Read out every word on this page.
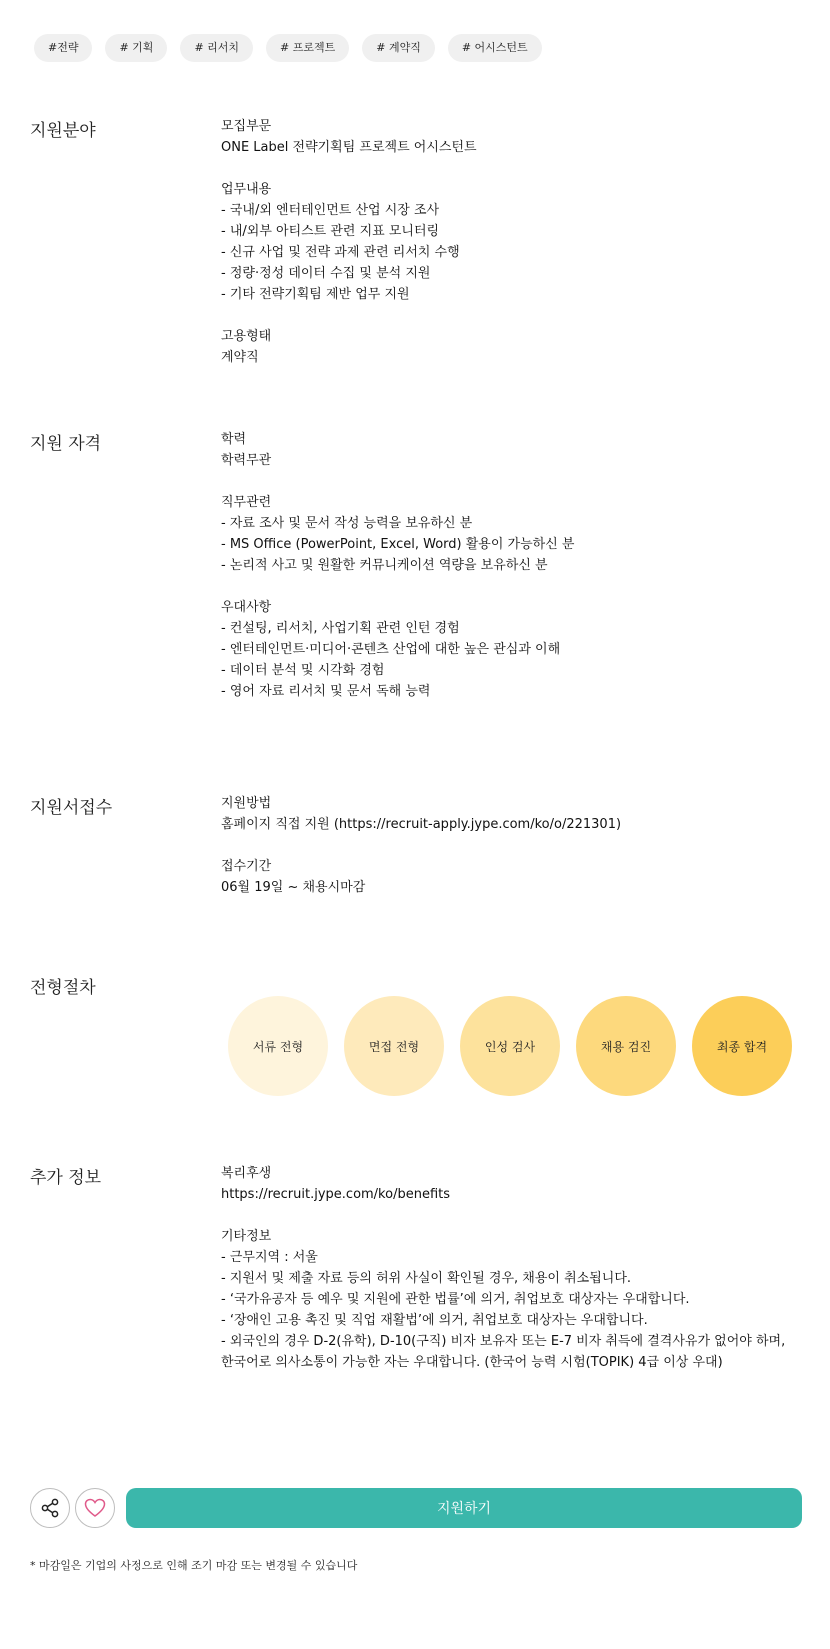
#전략	# 기획	# 리서치	# 프로젝트	# 계약직	# 어시스턴트
지원분야	모집부문
ONE Label 전략기획팀 프로젝트 어시스턴트
업무내용
- 국내/외 엔터테인먼트 산업 시장 조사
- 내/외부 아티스트 관련 지표 모니터링
- 신규 사업 및 전략 과제 관련 리서치 수행
- 정량·정성 데이터 수집 및 분석 지원
- 기타 전략기획팀 제반 업무 지원
고용형태
계약직
지원 자격	학력
학력무관
직무관련
- 자료 조사 및 문서 작성 능력을 보유하신 분
- MS Office (PowerPoint, Excel, Word) 활용이 가능하신 분
- 논리적 사고 및 원활한 커뮤니케이션 역량을 보유하신 분
우대사항
- 컨설팅, 리서치, 사업기획 관련 인턴 경험
- 엔터테인먼트·미디어·콘텐츠 산업에 대한 높은 관심과 이해
- 데이터 분석 및 시각화 경험
- 영어 자료 리서치 및 문서 독해 능력
지원서접수	지원방법
홈페이지 직접 지원 (https://recruit-apply.jype.com/ko/o/221301)
접수기간
06월 19일 ~ 채용시마감
전형절차
서류 전형	면접 전형	인성 검사	채용 검진	최종 합격
추가 정보	복리후생
https://recruit.jype.com/ko/benefits
기타정보
- 근무지역 : 서울
- 지원서 및 제출 자료 등의 허위 사실이 확인될 경우, 채용이 취소됩니다.
- ‘국가유공자 등 예우 및 지원에 관한 법률’에 의거, 취업보호 대상자는 우대합니다.
- ‘장애인 고용 촉진 및 직업 재활법’에 의거, 취업보호 대상자는 우대합니다.
- 외국인의 경우 D-2(유학), D-10(구직) 비자 보유자 또는 E-7 비자 취득에 결격사유가 없어야 하며, 한국어로 의사소통이 가능한 자는 우대합니다. (한국어 능력 시험(TOPIK) 4급 이상 우대)
지원하기
* 마감일은 기업의 사정으로 인해 조기 마감 또는 변경될 수 있습니다
